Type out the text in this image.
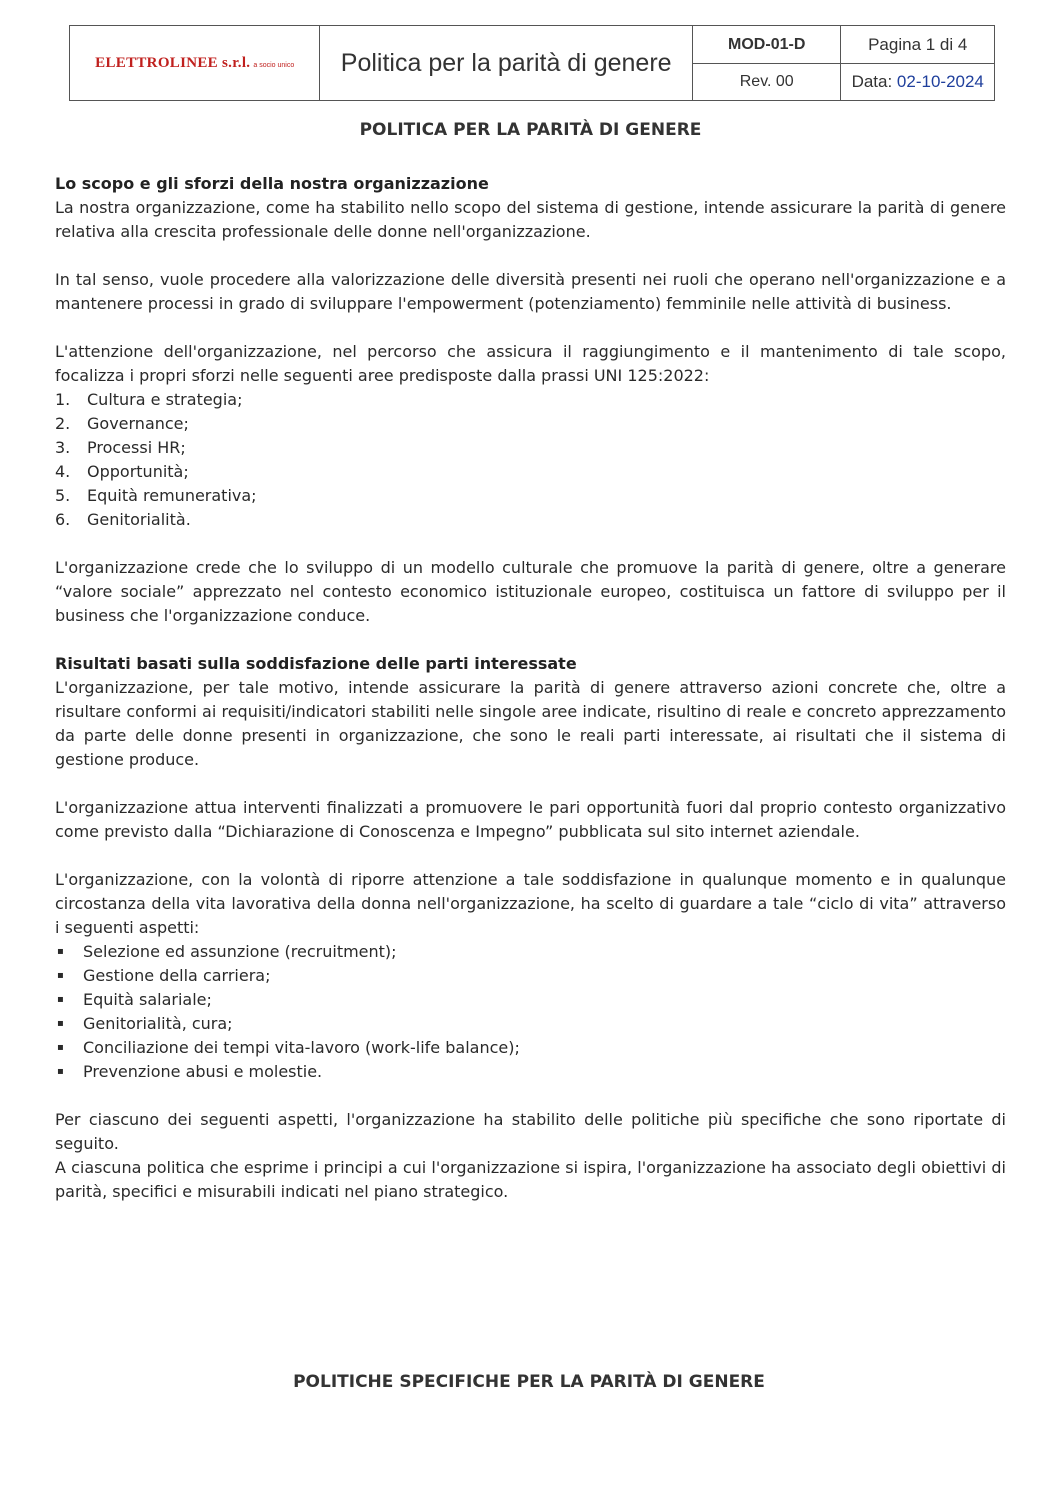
ELETTROLINEE s.r.l. a socio unico	Politica per la parità di genere	MOD-01-D	Pagina 1 di 4
		Rev. 00	Data: 02-10-2024
POLITICA PER LA PARITÀ DI GENERE
Lo scopo e gli sforzi della nostra organizzazione

La nostra organizzazione, come ha stabilito nello scopo del sistema di gestione, intende assicurare la parità di genere relativa alla crescita professionale delle donne nell'organizzazione.

In tal senso, vuole procedere alla valorizzazione delle diversità presenti nei ruoli che operano nell'organizzazione e a mantenere processi in grado di sviluppare l'empowerment (potenziamento) femminile nelle attività di business.

L'attenzione dell'organizzazione, nel percorso che assicura il raggiungimento e il mantenimento di tale scopo, focalizza i propri sforzi nelle seguenti aree predisposte dalla prassi UNI 125:2022:

1.	Cultura e strategia;
2.	Governance;
3.	Processi HR;
4.	Opportunità;
5.	Equità remunerativa;
6.	Genitorialità.

L'organizzazione crede che lo sviluppo di un modello culturale che promuove la parità di genere, oltre a generare “valore sociale” apprezzato nel contesto economico istituzionale europeo, costituisca un fattore di sviluppo per il business che l'organizzazione conduce.

Risultati basati sulla soddisfazione delle parti interessate

L'organizzazione, per tale motivo, intende assicurare la parità di genere attraverso azioni concrete che, oltre a risultare conformi ai requisiti/indicatori stabiliti nelle singole aree indicate, risultino di reale e concreto apprezzamento da parte delle donne presenti in organizzazione, che sono le reali parti interessate, ai risultati che il sistema di gestione produce.

L'organizzazione attua interventi finalizzati a promuovere le pari opportunità fuori dal proprio contesto organizzativo come previsto dalla “Dichiarazione di Conoscenza e Impegno” pubblicata sul sito internet aziendale.

L'organizzazione, con la volontà di riporre attenzione a tale soddisfazione in qualunque momento e in qualunque circostanza della vita lavorativa della donna nell'organizzazione, ha scelto di guardare a tale “ciclo di vita” attraverso i seguenti aspetti:

▪	Selezione ed assunzione (recruitment);
▪	Gestione della carriera;
▪	Equità salariale;
▪	Genitorialità, cura;
▪	Conciliazione dei tempi vita-lavoro (work-life balance);
▪	Prevenzione abusi e molestie.

Per ciascuno dei seguenti aspetti, l'organizzazione ha stabilito delle politiche più specifiche che sono riportate di seguito.

A ciascuna politica che esprime i principi a cui l'organizzazione si ispira, l'organizzazione ha associato degli obiettivi di parità, specifici e misurabili indicati nel piano strategico.

POLITICHE SPECIFICHE PER LA PARITÀ DI GENERE
